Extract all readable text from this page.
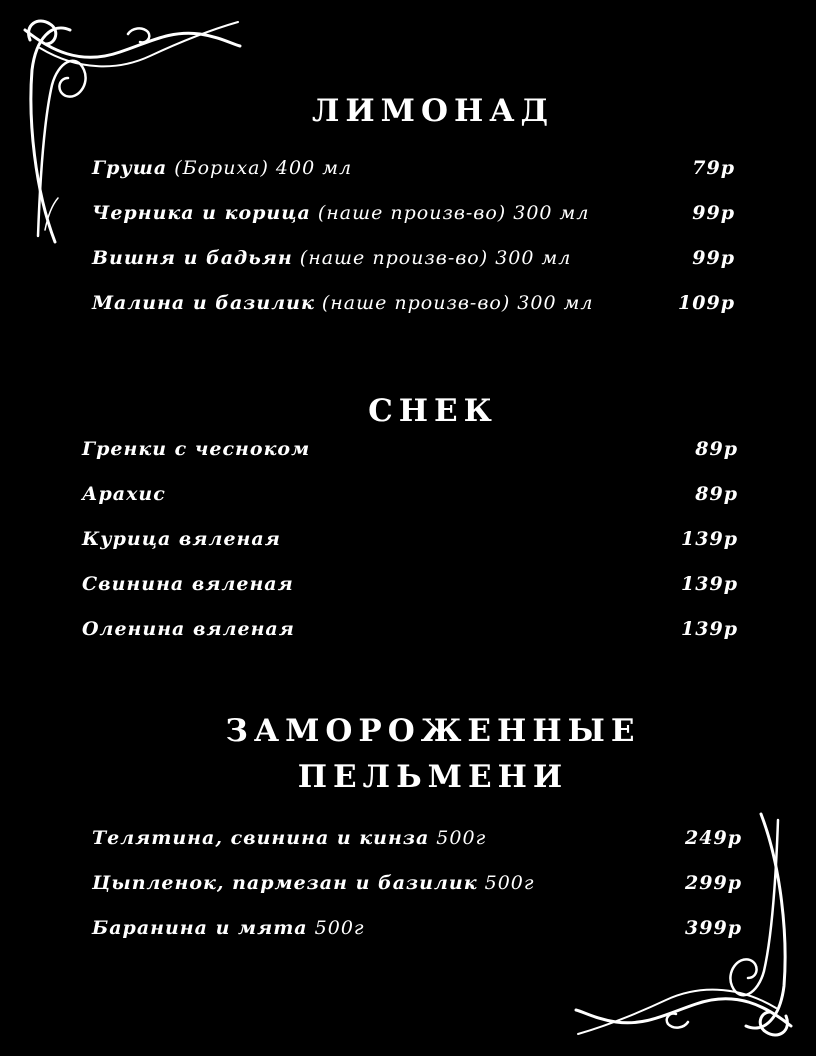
ЛИМОНАД
Груша (Бориха) 400 мл	79р
Черника и корица (наше произв-во) 300 мл	99р
Вишня и бадьян (наше произв-во) 300 мл	99р
Малина и базилик (наше произв-во) 300 мл	109р
СНЕК
Гренки с чесноком	89р
Арахис	89р
Курица вяленая	139р
Свинина вяленая	139р
Оленина вяленая	139р
ЗАМОРОЖЕННЫЕ
ПЕЛЬМЕНИ
Телятина, свинина и кинза 500г	249р
Цыпленок, пармезан и базилик 500г	299р
Баранина и мята 500г	399р
